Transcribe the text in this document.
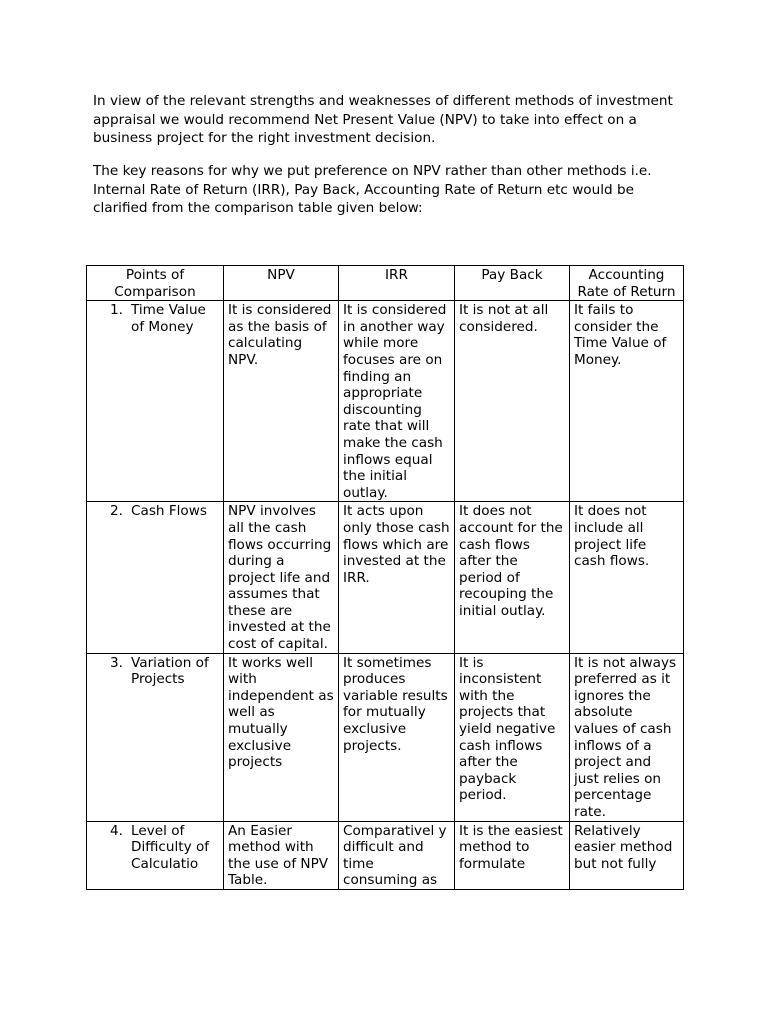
In view of the relevant strengths and weaknesses of different methods of investment appraisal we would recommend Net Present Value (NPV) to take into effect on a business project for the right investment decision.

The key reasons for why we put preference on NPV rather than other methods i.e. Internal Rate of Return (IRR), Pay Back, Accounting Rate of Return etc would be clarified from the comparison table given below:

Points of Comparison	NPV	IRR	Pay Back	Accounting Rate of Return

1. Time Value of Money	It is considered as the basis of calculating NPV.	It is considered in another way while more focuses are on finding an appropriate discounting rate that will make the cash inflows equal the initial outlay.	It is not at all considered.	It fails to consider the Time Value of Money.

2. Cash Flows	NPV involves all the cash flows occurring during a project life and assumes that these are invested at the cost of capital.	It acts upon only those cash flows which are invested at the IRR.	It does not account for the cash flows after the period of recouping the initial outlay.	It does not include all project life cash flows.

3. Variation of Projects	It works well with independent as well as mutually exclusive projects	It sometimes produces variable results for mutually exclusive projects.	It is inconsistent with the projects that yield negative cash inflows after the payback period.	It is not always preferred as it ignores the absolute values of cash inflows of a project and just relies on percentage rate.

4. Level of Difficulty of Calculatio	An Easier method with the use of NPV Table.	Comparativel y difficult and time consuming as	It is the easiest method to formulate	Relatively easier method but not fully
